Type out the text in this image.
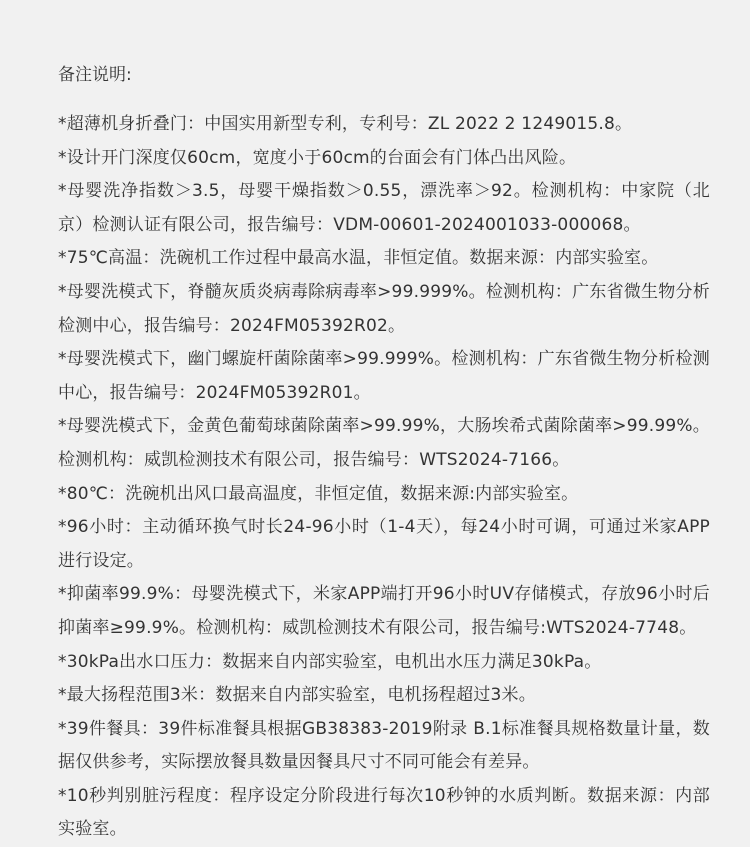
备注说明:
*超薄机身折叠门：中国实用新型专利，专利号：ZL 2022 2 1249015.8。
*设计开门深度仅60cm，宽度小于60cm的台面会有门体凸出风险。
*母婴洗净指数＞3.5，母婴干燥指数＞0.55，漂洗率＞92。检测机构：中家院（北京）检测认证有限公司，报告编号：VDM-00601-2024001033-000068。
*75℃高温：洗碗机工作过程中最高水温，非恒定值。数据来源：内部实验室。
*母婴洗模式下，脊髓灰质炎病毒除病毒率>99.999%。检测机构：广东省微生物分析检测中心，报告编号：2024FM05392R02。
*母婴洗模式下，幽门螺旋杆菌除菌率>99.999%。检测机构：广东省微生物分析检测中心，报告编号：2024FM05392R01。
*母婴洗模式下，金黄色葡萄球菌除菌率>99.99%，大肠埃希式菌除菌率>99.99%。检测机构：威凯检测技术有限公司，报告编号：WTS2024-7166。
*80℃：洗碗机出风口最高温度，非恒定值，数据来源:内部实验室。
*96小时：主动循环换气时长24-96小时（1-4天），每24小时可调，可通过米家APP进行设定。
*抑菌率99.9%：母婴洗模式下，米家APP端打开96小时UV存储模式，存放96小时后抑菌率≥99.9%。检测机构：威凯检测技术有限公司，报告编号:WTS2024-7748。
*30kPa出水口压力：数据来自内部实验室，电机出水压力满足30kPa。
*最大扬程范围3米：数据来自内部实验室，电机扬程超过3米。
*39件餐具：39件标准餐具根据GB38383-2019附录 B.1标准餐具规格数量计量，数据仅供参考，实际摆放餐具数量因餐具尺寸不同可能会有差异。
*10秒判别脏污程度：程序设定分阶段进行每次10秒钟的水质判断。数据来源：内部实验室。
